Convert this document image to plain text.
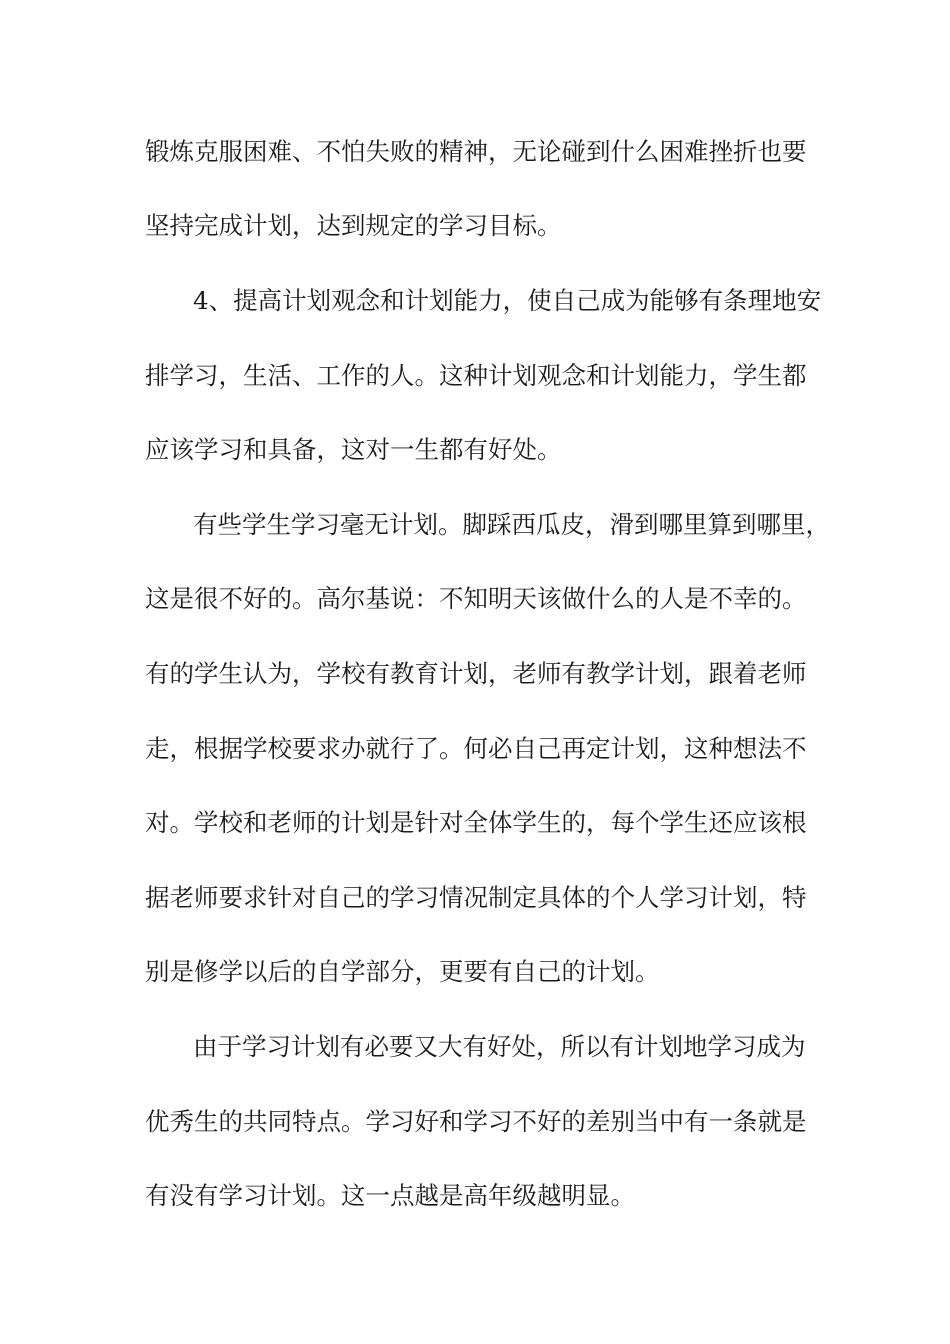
锻炼克服困难、不怕失败的精神，无论碰到什么困难挫折也要
坚持完成计划，达到规定的学习目标。
4、提高计划观念和计划能力，使自己成为能够有条理地安
排学习，生活、工作的人。这种计划观念和计划能力，学生都
应该学习和具备，这对一生都有好处。
有些学生学习毫无计划。脚踩西瓜皮，滑到哪里算到哪里，
这是很不好的。高尔基说：不知明天该做什么的人是不幸的。
有的学生认为，学校有教育计划，老师有教学计划，跟着老师
走，根据学校要求办就行了。何必自己再定计划，这种想法不
对。学校和老师的计划是针对全体学生的，每个学生还应该根
据老师要求针对自己的学习情况制定具体的个人学习计划，特
别是修学以后的自学部分，更要有自己的计划。
由于学习计划有必要又大有好处，所以有计划地学习成为
优秀生的共同特点。学习好和学习不好的差别当中有一条就是
有没有学习计划。这一点越是高年级越明显。
